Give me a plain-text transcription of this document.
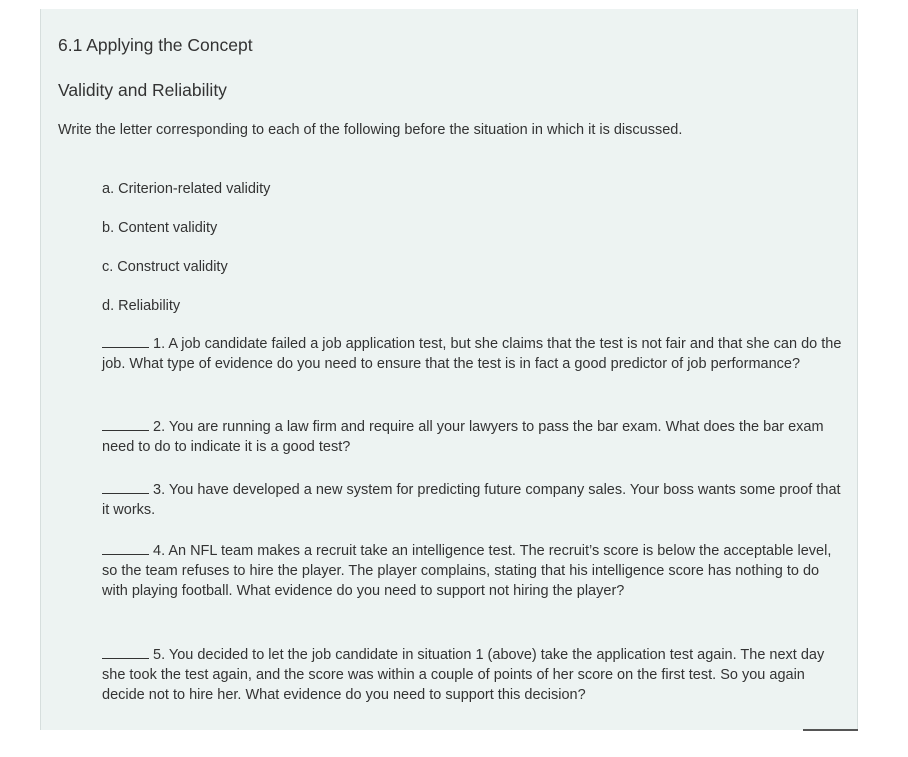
6.1 Applying the Concept
Validity and Reliability
Write the letter corresponding to each of the following before the situation in which it is discussed.
a. Criterion-related validity
b. Content validity
c. Construct validity
d. Reliability

1. A job candidate failed a job application test, but she claims that the test is not fair and that she can do the job. What type of evidence do you need to ensure that the test is in fact a good predictor of job performance?

2. You are running a law firm and require all your lawyers to pass the bar exam. What does the bar exam need to do to indicate it is a good test?

3. You have developed a new system for predicting future company sales. Your boss wants some proof that it works.

4. An NFL team makes a recruit take an intelligence test. The recruit’s score is below the acceptable level, so the team refuses to hire the player. The player complains, stating that his intelligence score has nothing to do with playing football. What evidence do you need to support not hiring the player?

5. You decided to let the job candidate in situation 1 (above) take the application test again. The next day she took the test again, and the score was within a couple of points of her score on the first test. So you again decide not to hire her. What evidence do you need to support this decision?
